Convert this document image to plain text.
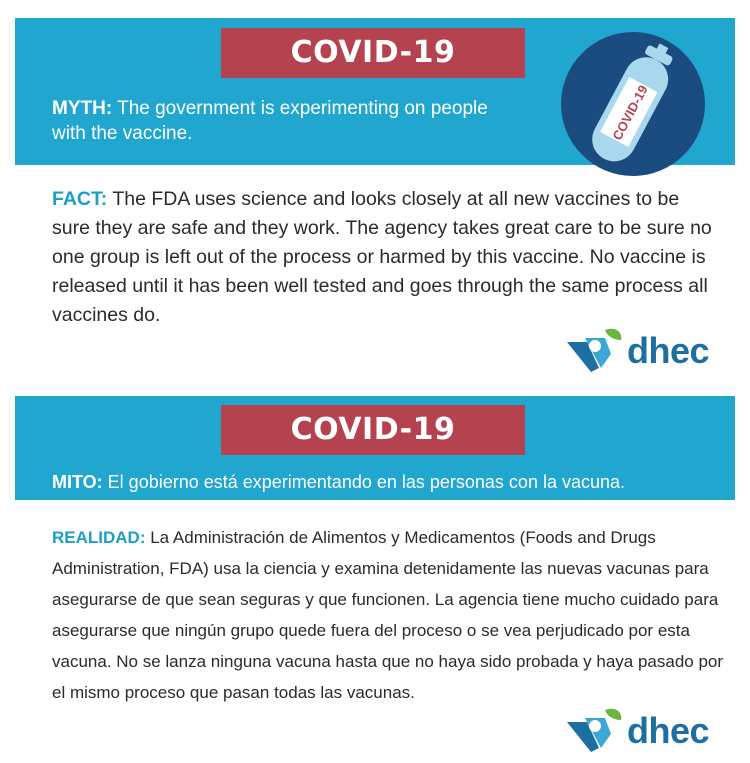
COVID-19
COVID-19
MYTH: The government is experimenting on people with the vaccine.
FACT: The FDA uses science and looks closely at all new vaccines to be sure they are safe and they work. The agency takes great care to be sure no one group is left out of the process or harmed by this vaccine. No vaccine is released until it has been well tested and goes through the same process all vaccines do.
dhec
COVID-19
MITO: El gobierno está experimentando en las personas con la vacuna.
REALIDAD: La Administración de Alimentos y Medicamentos (Foods and Drugs Administration, FDA) usa la ciencia y examina detenidamente las nuevas vacunas para asegurarse de que sean seguras y que funcionen. La agencia tiene mucho cuidado para asegurarse que ningún grupo quede fuera del proceso o se vea perjudicado por esta vacuna. No se lanza ninguna vacuna hasta que no haya sido probada y haya pasado por el mismo proceso que pasan todas las vacunas.
dhec
